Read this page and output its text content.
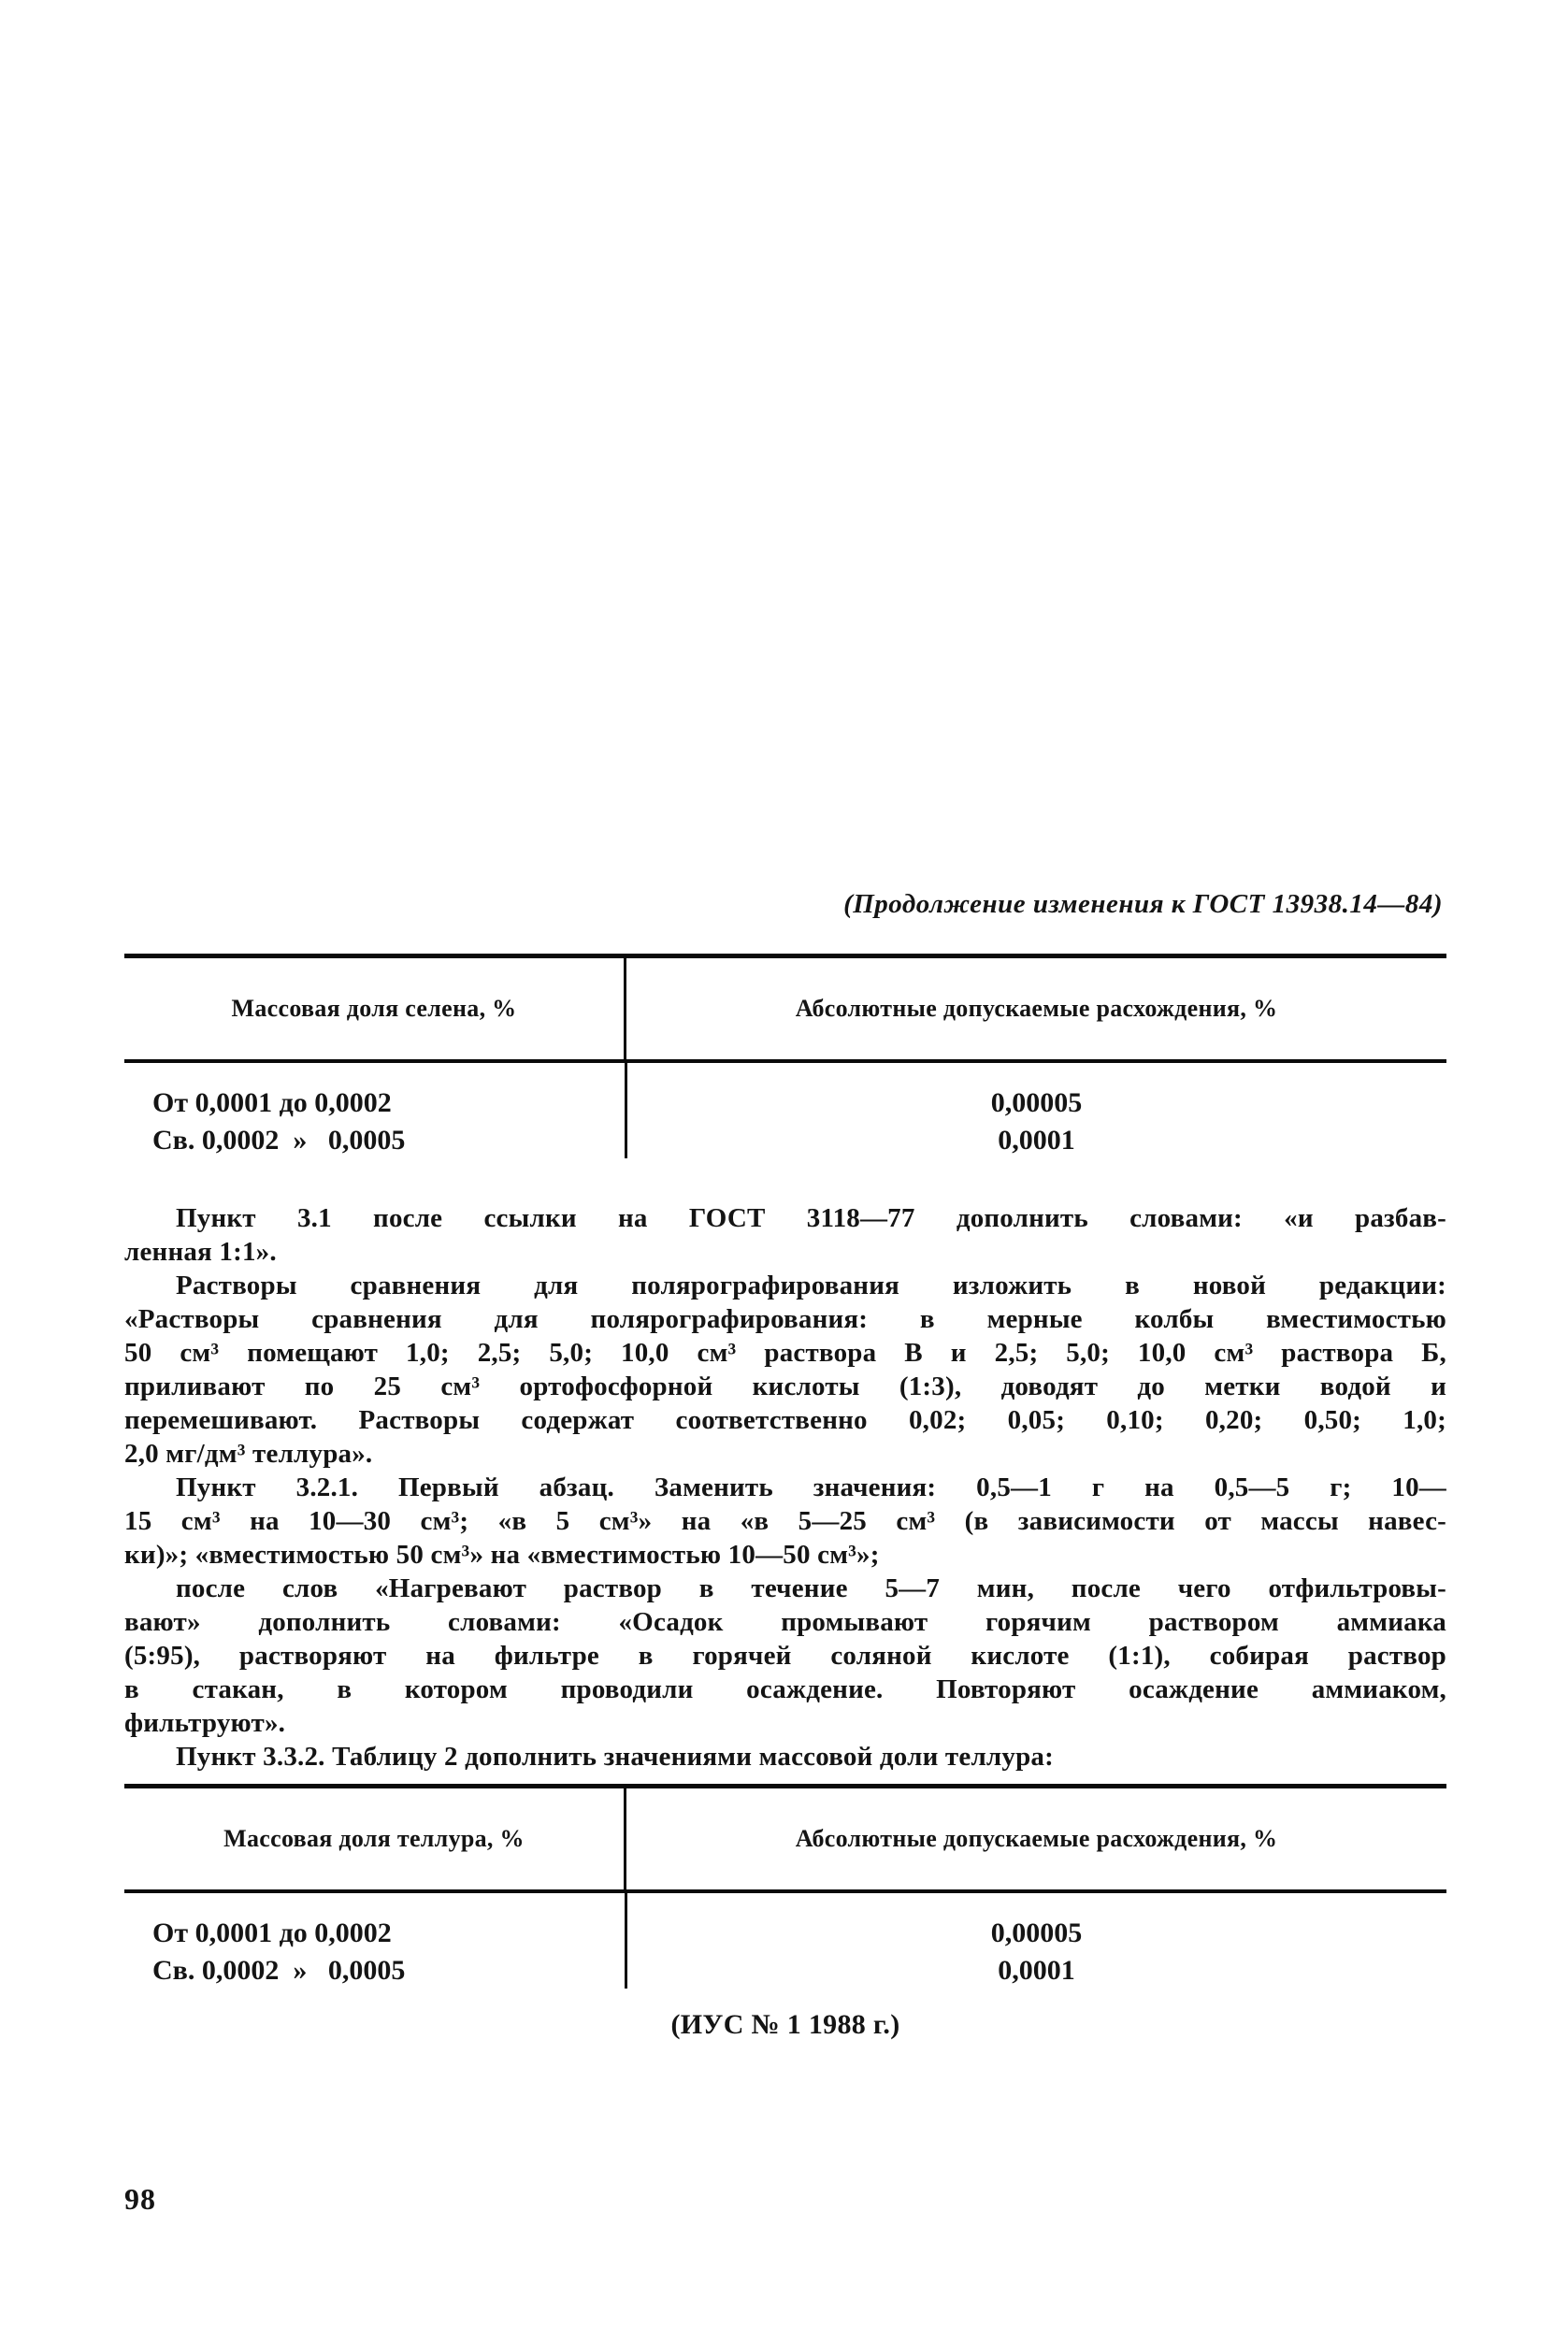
(Продолжение изменения к ГОСТ 13938.14—84)
Массовая доля селена, %	Абсолютные допускаемые расхождения, %
От 0,0001 до 0,0002	0,00005
Св. 0,0002  »   0,0005	0,0001
Пункт 3.1 после ссылки на ГОСТ 3118—77 дополнить словами: «и разбав-
ленная 1:1».
Растворы сравнения для полярографирования изложить в новой редакции:
«Растворы сравнения для полярографирования: в мерные колбы вместимостью
50 см³ помещают 1,0; 2,5; 5,0; 10,0 см³ раствора В и 2,5; 5,0; 10,0 см³ раствора Б,
приливают по 25 см³ ортофосфорной кислоты (1:3), доводят до метки водой и
перемешивают. Растворы содержат соответственно 0,02; 0,05; 0,10; 0,20; 0,50; 1,0;
2,0 мг/дм³ теллура».
Пункт 3.2.1. Первый абзац. Заменить значения: 0,5—1 г на 0,5—5 г; 10—
15 см³ на 10—30 см³; «в 5 см³» на «в 5—25 см³ (в зависимости от массы навес-
ки)»; «вместимостью 50 см³» на «вместимостью 10—50 см³»;
после слов «Нагревают раствор в течение 5—7 мин, после чего отфильтровы-
вают» дополнить словами: «Осадок промывают горячим раствором аммиака
(5:95), растворяют на фильтре в горячей соляной кислоте (1:1), собирая раствор
в стакан, в котором проводили осаждение. Повторяют осаждение аммиаком,
фильтруют».
Пункт 3.3.2. Таблицу 2 дополнить значениями массовой доли теллура:
Массовая доля теллура, %	Абсолютные допускаемые расхождения, %
От 0,0001 до 0,0002	0,00005
Св. 0,0002  »   0,0005	0,0001
(ИУС № 1 1988 г.)
98
